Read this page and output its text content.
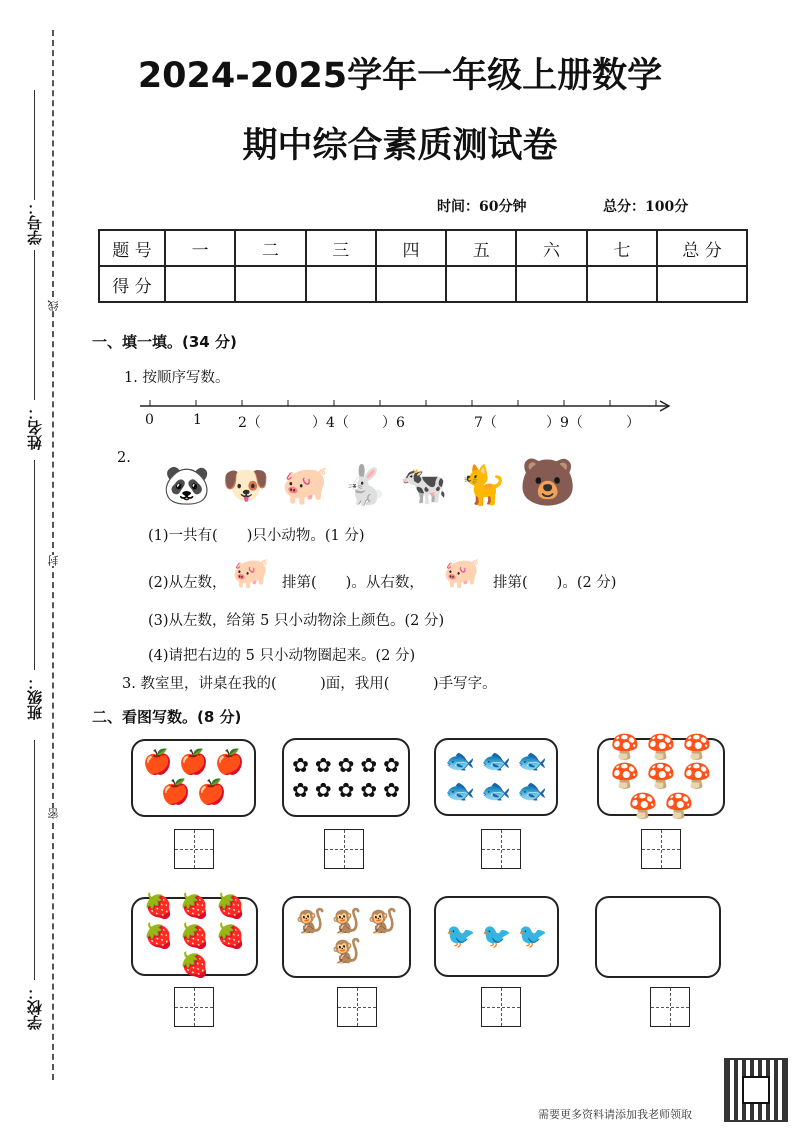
学号：
姓名：
班级：
学校：
线
封
密
2024-2025学年一年级上册数学
期中综合素质测试卷
时间：60分钟	总分：100分
题 号	一	二	三	四	五	六	七	总 分
得 分								
一、填一填。(34 分)
1. 按顺序写数。
0	1	2（	）4（ ）6	7（	）9（	）
2.
🐼🐶🐖🐇🐄🐈🐻
(1)一共有(　　)只小动物。(1 分)
(2)从左数， 🐖 排第(　　)。从右数， 🐖 排第(　　)。(2 分)
(3)从左数，给第 5 只小动物涂上颜色。(2 分)
(4)请把右边的 5 只小动物圈起来。(2 分)
3. 教室里，讲桌在我的(　　　)面，我用(　　　)手写字。
二、看图写数。(8 分)
🍎 🍎 🍎
🍎 🍎
✿ ✿ ✿ ✿ ✿
✿ ✿ ✿ ✿ ✿
🐟 🐟 🐟
🐟 🐟 🐟
🍄 🍄 🍄
🍄 🍄 🍄
🍄 🍄
🍓 🍓 🍓
🍓 🍓 🍓
🍓
🐒 🐒 🐒
🐒
🐦 🐦 🐦
需要更多资料请添加我老师领取
